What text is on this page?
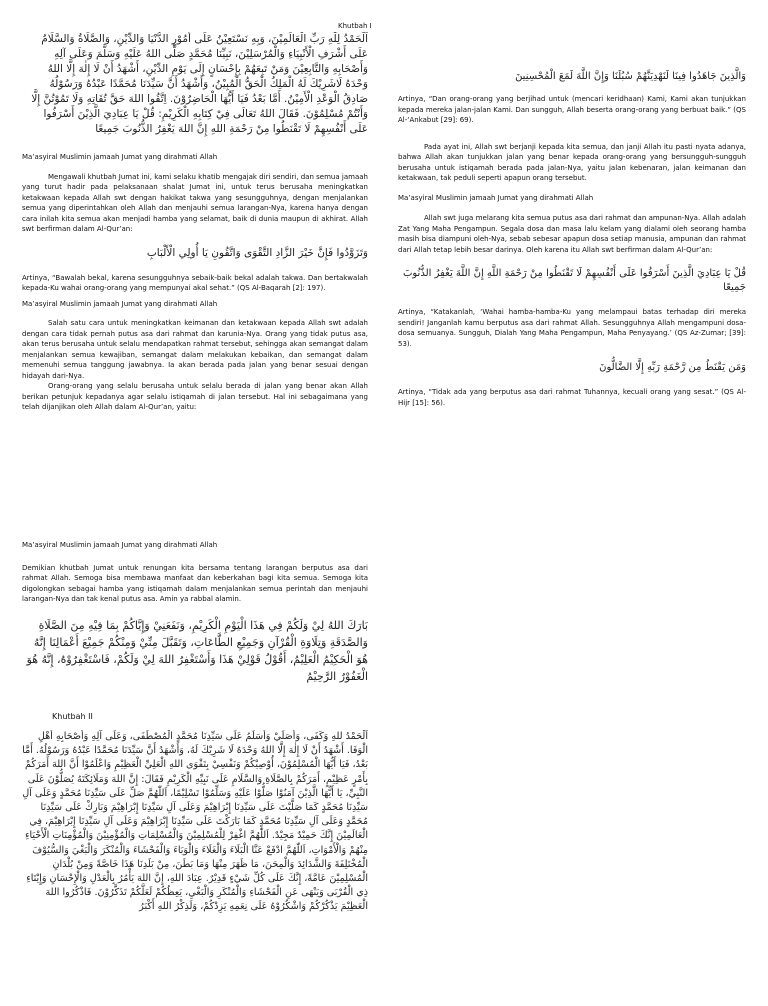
Khutbah I

اَلْحَمْدُ لِلّٰهِ رَبِّ الْعَالَمِيْنَ، وَبِهِ نَسْتَعِيْنُ عَلَى أُمُوْرِ الدُّنْيَا وَالدِّيْنِ، وَالصَّلَاةُ وَالسَّلَامُ عَلَى أَشْرَفِ الْأَنْبِيَاءِ وَالْمُرْسَلِيْنَ، نَبِيِّنَا مُحَمَّدٍ صَلَّى اللهُ عَلَيْهِ وَسَلَّمَ وَعَلَى آلِهِ وَأَصْحَابِهِ وَالتَّابِعِيْنَ وَمَنْ تَبِعَهُمْ بِإِحْسَانٍ إِلَى يَوْمِ الدِّيْنِ، أَشْهَدُ أَنْ لَا إِلٰهَ إِلَّا اللهُ وَحْدَهُ لَاشَرِيْكَ لَهُ الْمَلِكُ الْحَقُّ الْمُبِيْنُ، وَأَشْهَدُ أَنَّ سَيِّدَنَا مُحَمَّدًا عَبْدُهُ وَرَسُوْلُهُ صَادِقُ الْوَعْدِ الْأَمِيْنُ. أَمَّا بَعْدُ فَيَا أَيُّهَا الْحَاضِرُوْنَ. اِتَّقُوا اللهَ حَقَّ تُقَاتِهِ وَلَا تَمُوْتُنَّ إِلَّا وَأَنْتُمْ مُسْلِمُوْنَ. فَقَالَ اللهُ تَعَالَى فِيْ كِتَابِهِ الْكَرِيْمِ: قُلْ يَا عِبَادِيَ الَّذِيْنَ أَسْرَفُوا عَلَى أَنْفُسِهِمْ لَا تَقْنَطُوا مِنْ رَحْمَةِ اللهِ إِنَّ اللهَ يَغْفِرُ الذُّنُوبَ جَمِيعًا

Ma’asyiral Muslimin jamaah Jumat yang dirahmati Allah

Mengawali khutbah Jumat ini, kami selaku khatib mengajak diri sendiri, dan semua jamaah yang turut hadir pada pelaksanaan shalat Jumat ini, untuk terus berusaha meningkatkan ketakwaan kepada Allah swt dengan hakikat takwa yang sesungguhnya, dengan menjalankan semua yang diperintahkan oleh Allah dan menjauhi semua larangan-Nya, karena hanya dengan cara inilah kita semua akan menjadi hamba yang selamat, baik di dunia maupun di akhirat. Allah swt berfirman dalam Al-Qur’an:

وَتَزَوَّدُوا فَإِنَّ خَيْرَ الزَّادِ التَّقْوَى وَاتَّقُونِ يَا أُولِي الْأَلْبَابِ

Artinya, “Bawalah bekal, karena sesungguhnya sebaik-baik bekal adalah takwa. Dan bertakwalah kepada-Ku wahai orang-orang yang mempunyai akal sehat.” (QS Al-Baqarah [2]: 197).

Ma’asyiral Muslimin jamaah Jumat yang dirahmati Allah

Salah satu cara untuk meningkatkan keimanan dan ketakwaan kepada Allah swt adalah dengan cara tidak pernah putus asa dari rahmat dan karunia-Nya. Orang yang tidak putus asa, akan terus berusaha untuk selalu mendapatkan rahmat tersebut, sehingga akan semangat dalam menjalankan semua kewajiban, semangat dalam melakukan kebaikan, dan semangat dalam memenuhi semua tanggung jawabnya. Ia akan berada pada jalan yang benar sesuai dengan hidayah dari-Nya.

Orang-orang yang selalu berusaha untuk selalu berada di jalan yang benar akan Allah berikan petunjuk kepadanya agar selalu istiqamah di jalan tersebut. Hal ini sebagaimana yang telah dijanjikan oleh Allah dalam Al-Qur’an, yaitu:

وَالَّذِينَ جَاهَدُوا فِينَا لَنَهْدِيَنَّهُمْ سُبُلَنَا وَإِنَّ اللَّهَ لَمَعَ الْمُحْسِنِينَ

Artinya, “Dan orang-orang yang berjihad untuk (mencari keridhaan) Kami, Kami akan tunjukkan kepada mereka jalan-jalan Kami. Dan sungguh, Allah beserta orang-orang yang berbuat baik.” (QS Al-‘Ankabut [29]: 69).

Pada ayat ini, Allah swt berjanji kepada kita semua, dan janji Allah itu pasti nyata adanya, bahwa Allah akan tunjukkan jalan yang benar kepada orang-orang yang bersungguh-sungguh berusaha untuk istiqamah berada pada jalan-Nya, yaitu jalan kebenaran, jalan keimanan dan ketakwaan, tak peduli seperti apapun orang tersebut.

Ma’asyiral Muslimin jamaah Jumat yang dirahmati Allah

Allah swt juga melarang kita semua putus asa dari rahmat dan ampunan-Nya. Allah adalah Zat Yang Maha Pengampun. Segala dosa dan masa lalu kelam yang dialami oleh seorang hamba masih bisa diampuni oleh-Nya, sebab sebesar apapun dosa setiap manusia, ampunan dan rahmat dari Allah tetap lebih besar darinya. Oleh karena itu Allah swt berfirman dalam Al-Qur’an:

قُلْ يَا عِبَادِيَ الَّذِينَ أَسْرَفُوا عَلَى أَنْفُسِهِمْ لَا تَقْنَطُوا مِنْ رَحْمَةِ اللَّهِ إِنَّ اللَّهَ يَغْفِرُ الذُّنُوبَ جَمِيعًا

Artinya, “Katakanlah, ‘Wahai hamba-hamba-Ku yang melampaui batas terhadap diri mereka sendiri! Janganlah kamu berputus asa dari rahmat Allah. Sesungguhnya Allah mengampuni dosa-dosa semuanya. Sungguh, Dialah Yang Maha Pengampun, Maha Penyayang.’ (QS Az-Zumar; [39]: 53).

وَمَن يَقْنَطُ مِن رَّحْمَةِ رَبِّهِ إِلَّا الضَّالُّونَ

Artinya, “Tidak ada yang berputus asa dari rahmat Tuhannya, kecuali orang yang sesat.” (QS Al-Hijr [15]: 56).

Ma’asyiral Muslimin jamaah Jumat yang dirahmati Allah

Demikian khutbah Jumat untuk renungan kita bersama tentang larangan berputus asa dari rahmat Allah. Semoga bisa membawa manfaat dan keberkahan bagi kita semua. Semoga kita digolongkan sebagai hamba yang istiqamah dalam menjalankan semua perintah dan menjauhi larangan-Nya dan tak kenal putus asa. Amin ya rabbal alamin.

بَارَكَ اللهُ لِيْ وَلَكُمْ فِي هَذَا الْيَوْمِ الْكَرِيْمِ، وَنَفَعَنِيْ وَإِيَّاكُمْ بِمَا فِيْهِ مِنَ الصَّلَاةِ وَالصَّدَقَةِ وَتِلَاوَةِ الْقُرْآنِ وَجَمِيْعِ الطَّاعَاتِ، وَتَقَبَّلَ مِنِّيْ وَمِنْكُمْ جَمِيْعَ أَعْمَالِنَا إِنَّهُ هُوَ الْحَكِيْمُ الْعَلِيْمُ، أَقُوْلُ قَوْلِيْ هَذَا وَأَسْتَغْفِرُ اللهَ لِيْ وَلَكُمْ، فَاسْتَغْفِرُوْهُ، إِنَّهُ هُوَ الْغَفُوْرُ الرَّحِيْمُ

Khutbah II

اَلْحَمْدُ للهِ وَكَفَى، وَأُصَلِّيْ وَأُسَلِّمُ عَلَى سَيِّدِنَا مُحَمَّدٍ الْمُصْطَفَى، وَعَلَى آلِهِ وَأَصْحَابِهِ أَهْلِ الْوَفَا. أَشْهَدُ أَنْ لَا إِلٰهَ إِلَّا اللهُ وَحْدَهُ لَا شَرِيْكَ لَهُ، وَأَشْهَدُ أَنَّ سَيِّدَنَا مُحَمَّدًا عَبْدُهُ وَرَسُوْلُهُ. أَمَّا بَعْدُ، فَيَا أَيُّهَا الْمُسْلِمُوْنَ، أُوْصِيْكُمْ وَنَفْسِيْ بِتَقْوَى اللهِ الْعَلِيِّ الْعَظِيْمِ وَاعْلَمُوْا أَنَّ اللهَ أَمَرَكُمْ بِأَمْرٍ عَظِيْمٍ، أَمَرَكُمْ بِالصَّلَاةِ وَالسَّلَامِ عَلَى نَبِيِّهِ الْكَرِيْمِ فَقَالَ: إِنَّ اللهَ وَمَلَائِكَتَهُ يُصَلُّوْنَ عَلَى النَّبِيِّ، يَا أَيُّهَا الَّذِيْنَ آمَنُوْا صَلُّوْا عَلَيْهِ وَسَلِّمُوْا تَسْلِيْمًا، اَللّٰهُمَّ صَلِّ عَلَى سَيِّدِنَا مُحَمَّدٍ وَعَلَى آلِ سَيِّدِنَا مُحَمَّدٍ كَمَا صَلَّيْتَ عَلَى سَيِّدِنَا إِبْرَاهِيْمَ وَعَلَى آلِ سَيِّدِنَا إِبْرَاهِيْمَ وَبَارِكْ عَلَى سَيِّدِنَا مُحَمَّدٍ وَعَلَى آلِ سَيِّدِنَا مُحَمَّدٍ كَمَا بَارَكْتَ عَلَى سَيِّدِنَا إِبْرَاهِيْمَ وَعَلَى آلِ سَيِّدِنَا إِبْرَاهِيْمَ، فِي الْعَالَمِيْنَ إِنَّكَ حَمِيْدٌ مَجِيْدٌ. اَللّٰهُمَّ اغْفِرْ لِلْمُسْلِمِيْنَ وَالْمُسْلِمَاتِ وَالْمُؤْمِنِيْنَ وَالْمُؤْمِنَاتِ الْأَحْيَاءِ مِنْهُمْ وَالْأَمْوَاتِ، اَللّٰهُمَّ ادْفَعْ عَنَّا الْبَلَاءَ وَالْغَلَاءَ وَالْوَبَاءَ وَالْفَحْشَاءَ وَالْمُنْكَرَ وَالْبَغْيَ وَالسُّيُوْفَ الْمُخْتَلِفَةَ وَالشَّدَائِدَ وَالْمِحَنَ، مَا ظَهَرَ مِنْهَا وَمَا بَطَنَ، مِنْ بَلَدِنَا هَذَا خَاصَّةً وَمِنْ بُلْدَانِ الْمُسْلِمِيْنَ عَامَّةً، إِنَّكَ عَلَى كُلِّ شَيْءٍ قَدِيْرٌ. عِبَادَ اللهِ، إِنَّ اللهَ يَأْمُرُ بِالْعَدْلِ وَالْإِحْسَانِ وَإِيْتَاءِ ذِي الْقُرْبَى وَيَنْهَى عَنِ الْفَحْشَاءِ وَالْمُنْكَرِ وَالْبَغْيِ، يَعِظُكُمْ لَعَلَّكُمْ تَذَكَّرُوْنَ. فَاذْكُرُوا اللهَ الْعَظِيْمَ يَذْكُرْكُمْ وَاشْكُرُوْهُ عَلَى نِعَمِهِ يَزِدْكُمْ، وَلَذِكْرُ اللهِ أَكْبَرُ
